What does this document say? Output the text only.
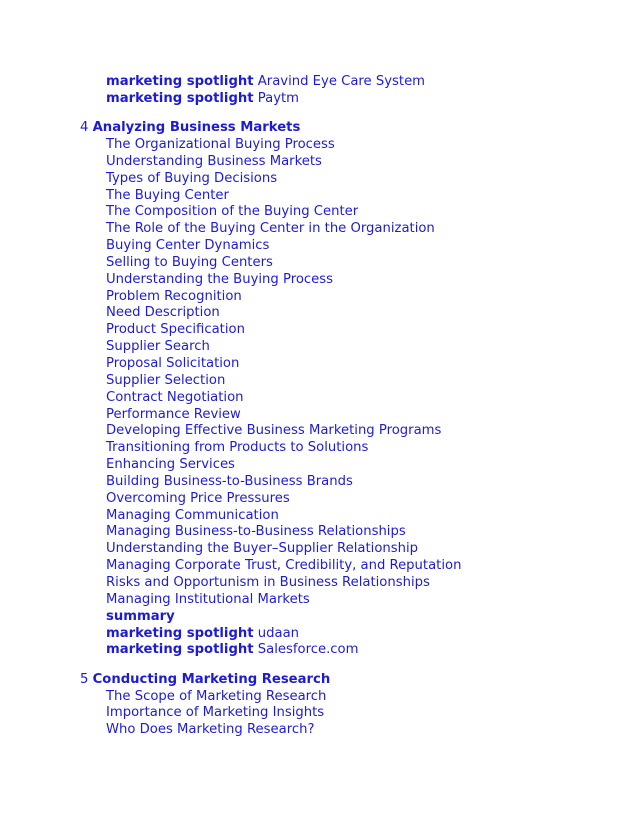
marketing spotlight Aravind Eye Care System
marketing spotlight Paytm
4 Analyzing Business Markets
The Organizational Buying Process
Understanding Business Markets
Types of Buying Decisions
The Buying Center
The Composition of the Buying Center
The Role of the Buying Center in the Organization
Buying Center Dynamics
Selling to Buying Centers
Understanding the Buying Process
Problem Recognition
Need Description
Product Specification
Supplier Search
Proposal Solicitation
Supplier Selection
Contract Negotiation
Performance Review
Developing Effective Business Marketing Programs
Transitioning from Products to Solutions
Enhancing Services
Building Business-to-Business Brands
Overcoming Price Pressures
Managing Communication
Managing Business-to-Business Relationships
Understanding the Buyer–Supplier Relationship
Managing Corporate Trust, Credibility, and Reputation
Risks and Opportunism in Business Relationships
Managing Institutional Markets
summary
marketing spotlight udaan
marketing spotlight Salesforce.com
5 Conducting Marketing Research
The Scope of Marketing Research
Importance of Marketing Insights
Who Does Marketing Research?
